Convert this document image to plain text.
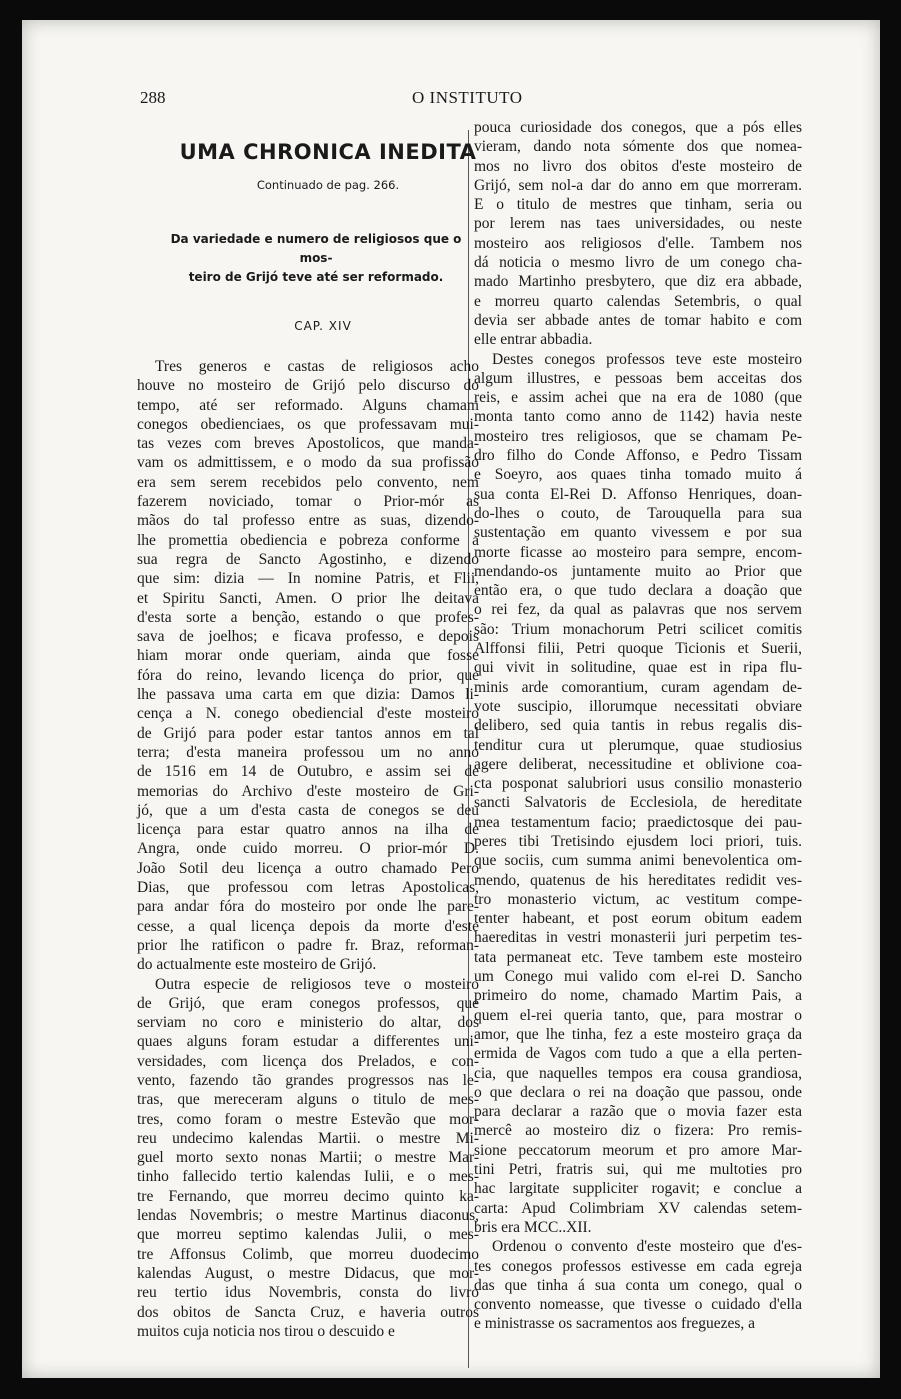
288	O INSTITUTO
UMA CHRONICA INEDITA
Continuado de pag. 266.
Da variedade e numero de religiosos que o mos-
teiro de Grijó teve até ser reformado.
CAP. XIV
Tres generos e castas de religiosos acho
houve no mosteiro de Grijó pelo discurso do
tempo, até ser reformado. Alguns chamam
conegos obedienciaes, os que professavam mui-
tas vezes com breves Apostolicos, que manda-
vam os admittissem, e o modo da sua profissão
era sem serem recebidos pelo convento, nem
fazerem noviciado, tomar o Prior-mór as
mãos do tal professo entre as suas, dizendo-
lhe promettia obediencia e pobreza conforme a
sua regra de Sancto Agostinho, e dizendo
que sim: dizia — In nomine Patris, et Flii,
et Spiritu Sancti, Amen. O prior lhe deitava
d'esta sorte a benção, estando o que profes-
sava de joelhos; e ficava professo, e depois
hiam morar onde queriam, ainda que fosse
fóra do reino, levando licença do prior, que
lhe passava uma carta em que dizia: Damos li-
cença a N. conego obediencial d'este mosteiro
de Grijó para poder estar tantos annos em tal
terra; d'esta maneira professou um no anno
de 1516 em 14 de Outubro, e assim sei de
memorias do Archivo d'este mosteiro de Gri-
jó, que a um d'esta casta de conegos se deu
licença para estar quatro annos na ilha de
Angra, onde cuido morreu. O prior-mór D.
João Sotil deu licença a outro chamado Pero
Dias, que professou com letras Apostolicas,
para andar fóra do mosteiro por onde lhe pare-
cesse, a qual licença depois da morte d'este
prior lhe ratificon o padre fr. Braz, reforman-
do actualmente este mosteiro de Grijó.
Outra especie de religiosos teve o mosteiro
de Grijó, que eram conegos professos, que
serviam no coro e ministerio do altar, dos
quaes alguns foram estudar a differentes uni-
versidades, com licença dos Prelados, e con-
vento, fazendo tão grandes progressos nas le-
tras, que mereceram alguns o titulo de mes-
tres, como foram o mestre Estevão que mor-
reu undecimo kalendas Martii. o mestre Mi-
guel morto sexto nonas Martii; o mestre Mar-
tinho fallecido tertio kalendas Iulii, e o mes-
tre Fernando, que morreu decimo quinto ka-
lendas Novembris; o mestre Martinus diaconus,
que morreu septimo kalendas Julii, o mes-
tre Affonsus Colimb, que morreu duodecimo
kalendas August, o mestre Didacus, que mor-
reu tertio idus Novembris, consta do livro
dos obitos de Sancta Cruz, e haveria outros
muitos cuja noticia nos tirou o descuido e
pouca curiosidade dos conegos, que a pós elles
vieram, dando nota sómente dos que nomea-
mos no livro dos obitos d'este mosteiro de
Grijó, sem nol-a dar do anno em que morreram.
E o titulo de mestres que tinham, seria ou
por lerem nas taes universidades, ou neste
mosteiro aos religiosos d'elle. Tambem nos
dá noticia o mesmo livro de um conego cha-
mado Martinho presbytero, que diz era abbade,
e morreu quarto calendas Setembris, o qual
devia ser abbade antes de tomar habito e com
elle entrar abbadia.
Destes conegos professos teve este mosteiro
algum illustres, e pessoas bem acceitas dos
reis, e assim achei que na era de 1080 (que
monta tanto como anno de 1142) havia neste
mosteiro tres religiosos, que se chamam Pe-
dro filho do Conde Affonso, e Pedro Tissam
e Soeyro, aos quaes tinha tomado muito á
sua conta El-Rei D. Affonso Henriques, doan-
do-lhes o couto, de Tarouquella para sua
sustentação em quanto vivessem e por sua
morte ficasse ao mosteiro para sempre, encom-
mendando-os juntamente muito ao Prior que
então era, o que tudo declara a doação que
o rei fez, da qual as palavras que nos servem
são: Trium monachorum Petri scilicet comitis
Alffonsi filii, Petri quoque Ticionis et Suerii,
qui vivit in solitudine, quae est in ripa flu-
minis arde comorantium, curam agendam de-
vote suscipio, illorumque necessitati obviare
delibero, sed quia tantis in rebus regalis dis-
tenditur cura ut plerumque, quae studiosius
agere deliberat, necessitudine et oblivione coa-
cta posponat salubriori usus consilio monasterio
sancti Salvatoris de Ecclesiola, de hereditate
mea testamentum facio; praedictosque dei pau-
peres tibi Tretisindo ejusdem loci priori, tuis.
que sociis, cum summa animi benevolentica om-
mendo, quatenus de his hereditates redidit ves-
tro monasterio victum, ac vestitum compe-
tenter habeant, et post eorum obitum eadem
haereditas in vestri monasterii juri perpetim tes-
tata permaneat etc. Teve tambem este mosteiro
um Conego mui valido com el-rei D. Sancho
primeiro do nome, chamado Martim Pais, a
quem el-rei queria tanto, que, para mostrar o
amor, que lhe tinha, fez a este mosteiro graça da
ermida de Vagos com tudo a que a ella perten-
cia, que naquelles tempos era cousa grandiosa,
o que declara o rei na doação que passou, onde
para declarar a razão que o movia fazer esta
mercê ao mosteiro diz o fizera: Pro remis-
sione peccatorum meorum et pro amore Mar-
tini Petri, fratris sui, qui me multoties pro
hac largitate suppliciter rogavit; e conclue a
carta: Apud Colimbriam XV calendas setem-
bris era MCC..XII.
Ordenou o convento d'este mosteiro que d'es-
tes conegos professos estivesse em cada egreja
das que tinha á sua conta um conego, qual o
convento nomeasse, que tivesse o cuidado d'ella
e ministrasse os sacramentos aos freguezes, a
